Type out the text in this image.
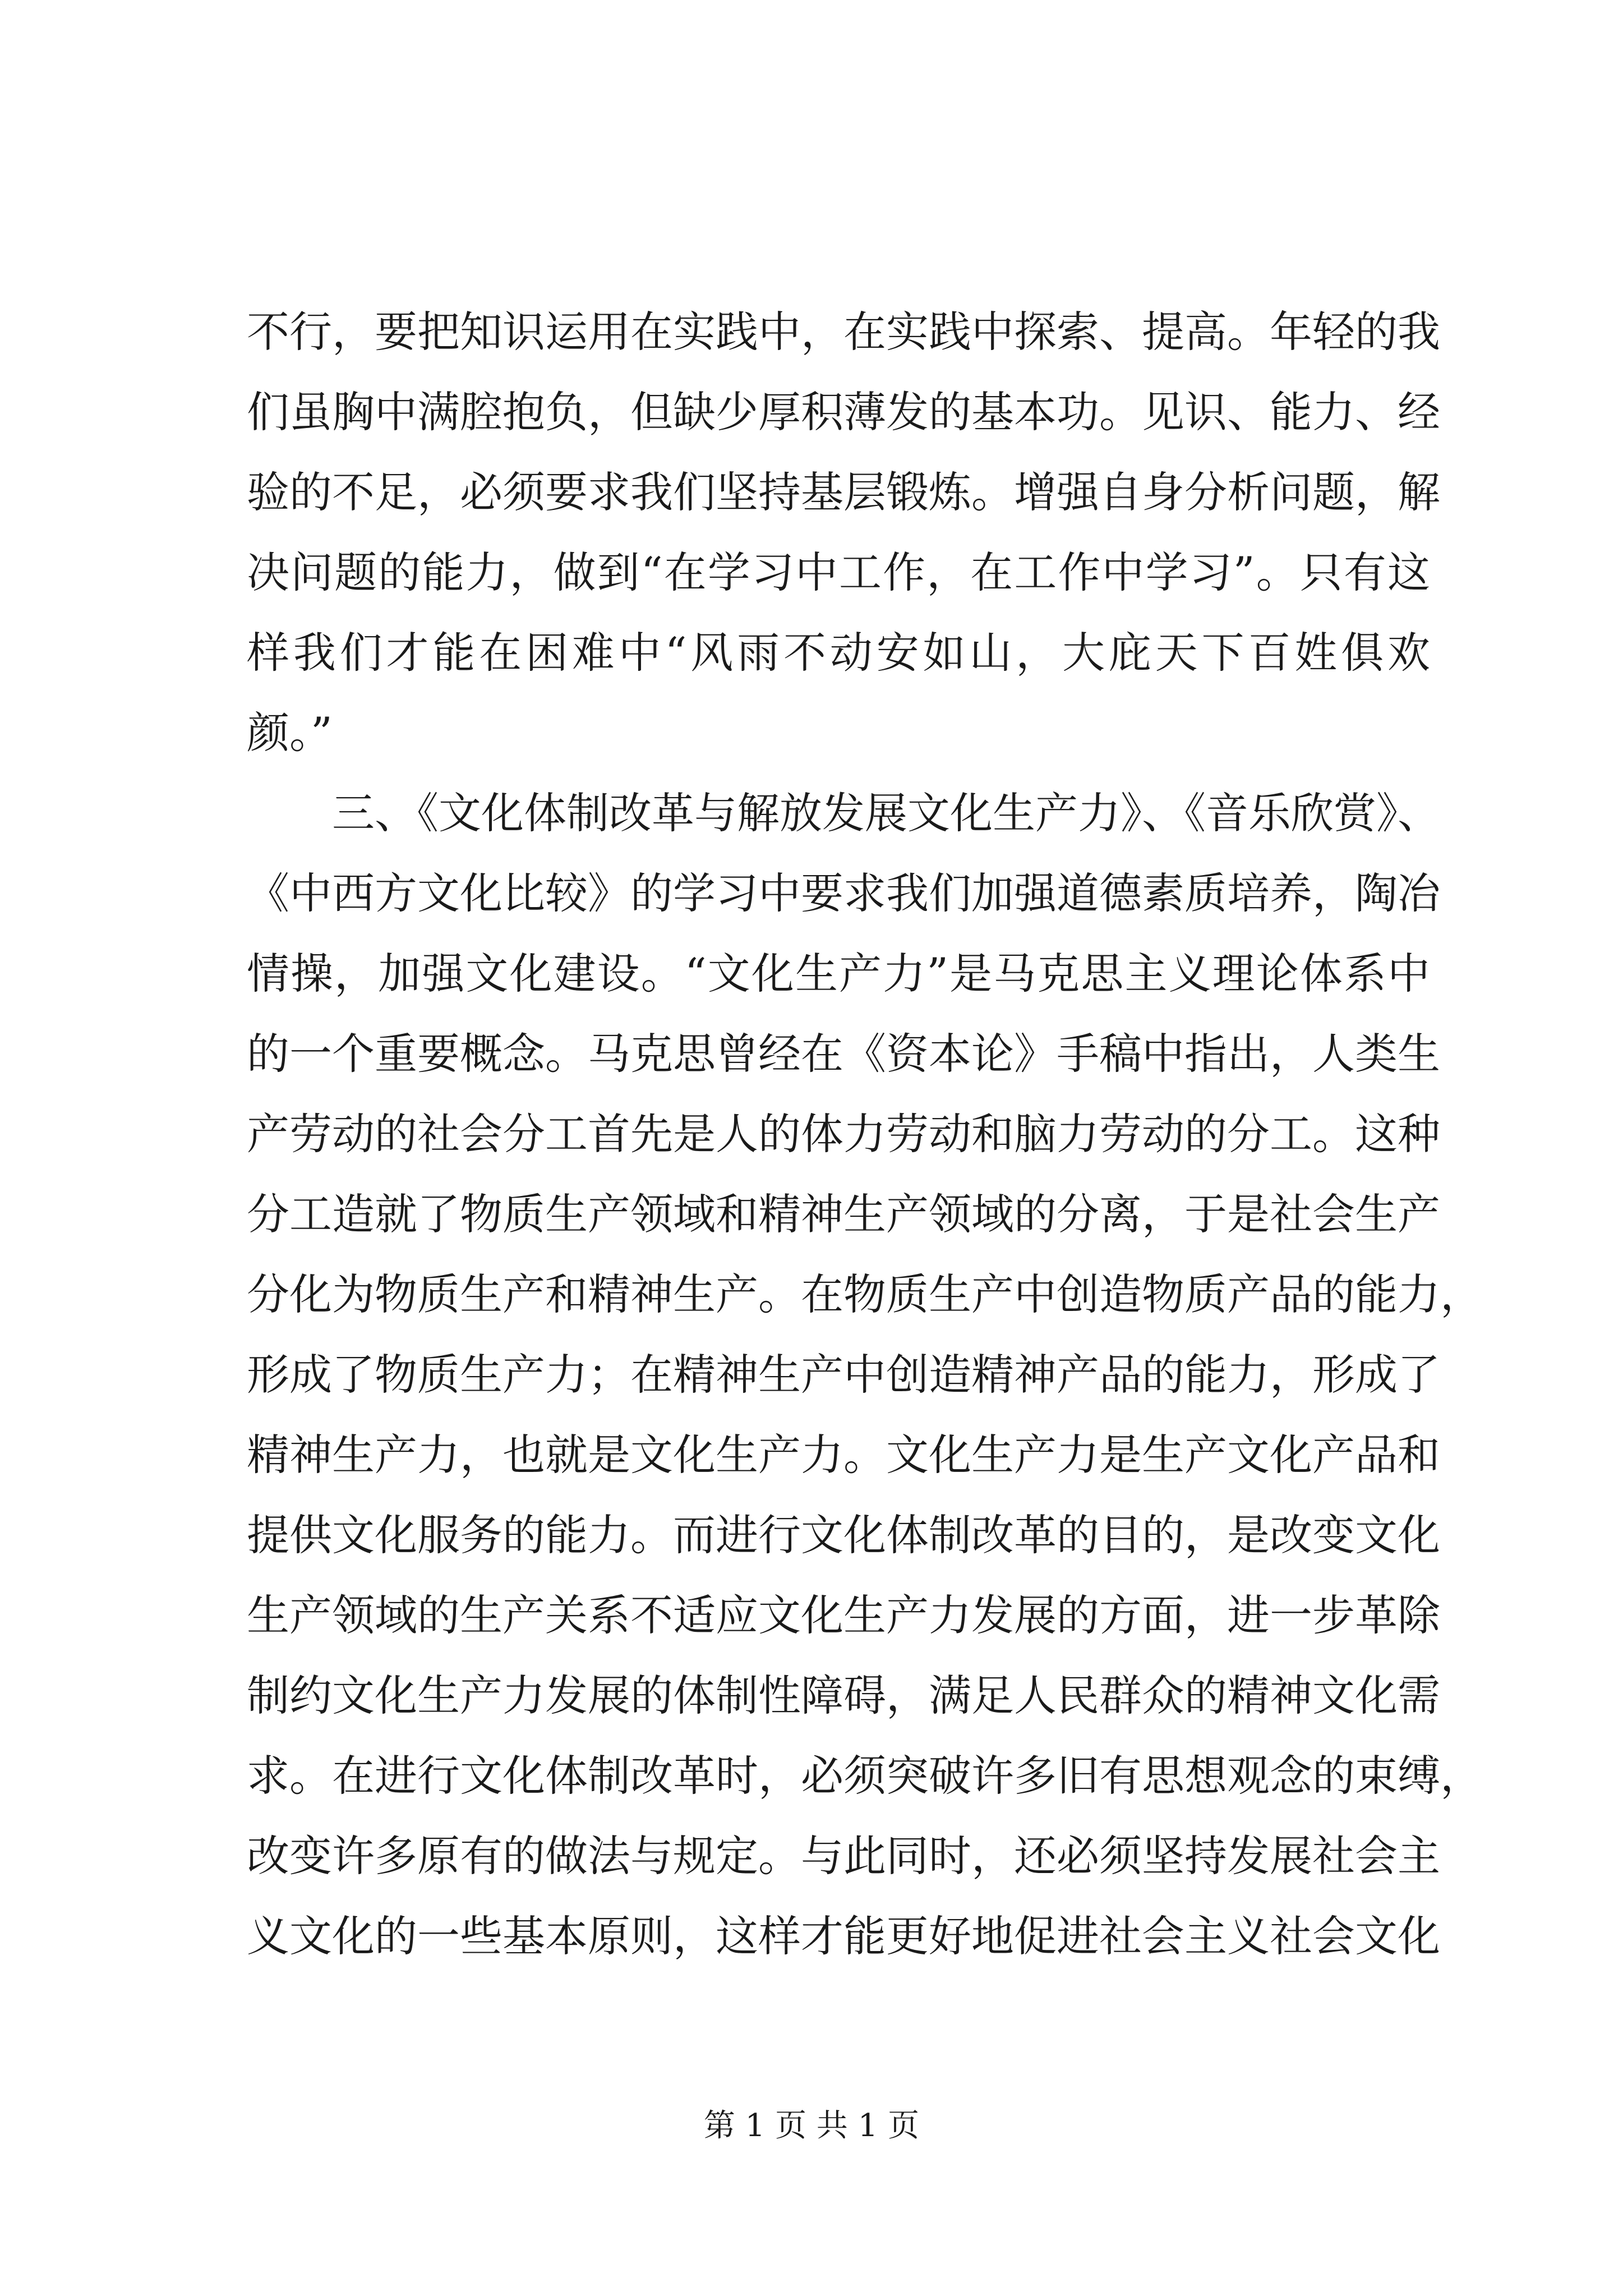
不行，要把知识运用在实践中，在实践中探索、提高。年轻的我
们虽胸中满腔抱负，但缺少厚积薄发的基本功。见识、能力、经
验的不足，必须要求我们坚持基层锻炼。增强自身分析问题，解
决问题的能力，做到“在学习中工作，在工作中学习”。只有这
样我们才能在困难中“风雨不动安如山，大庇天下百姓俱欢
颜。”
三、《文化体制改革与解放发展文化生产力》、《音乐欣赏》、
《中西方文化比较》的学习中要求我们加强道德素质培养，陶冶
情操，加强文化建设。“文化生产力”是马克思主义理论体系中
的一个重要概念。马克思曾经在《资本论》手稿中指出，人类生
产劳动的社会分工首先是人的体力劳动和脑力劳动的分工。这种
分工造就了物质生产领域和精神生产领域的分离，于是社会生产
分化为物质生产和精神生产。在物质生产中创造物质产品的能力，
形成了物质生产力；在精神生产中创造精神产品的能力，形成了
精神生产力，也就是文化生产力。文化生产力是生产文化产品和
提供文化服务的能力。而进行文化体制改革的目的，是改变文化
生产领域的生产关系不适应文化生产力发展的方面，进一步革除
制约文化生产力发展的体制性障碍，满足人民群众的精神文化需
求。在进行文化体制改革时，必须突破许多旧有思想观念的束缚，
改变许多原有的做法与规定。与此同时，还必须坚持发展社会主
义文化的一些基本原则，这样才能更好地促进社会主义社会文化
第 1 页 共 1 页
